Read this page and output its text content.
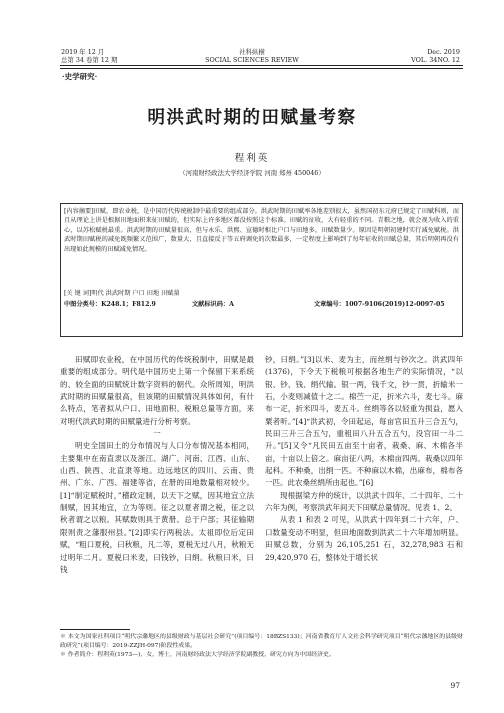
2019 年 12 月
总第 34 卷第 12 期
社科纵横
SOCIAL SCIENCES REVIEW
Dec. 2019
VOL. 34NO. 12
·史学研究·
明洪武时期的田赋量考察
程利英
（河南财经政法大学经济学院 河南 郑州 450046）
[内容摘要]田赋，即农业税，是中国历代传统税制中最重要的组成部分。洪武时期的田赋率各地差别很大，虽然国初东元府已规定了田赋科则，而且从理论上讲是根据田地面积来征田赋的，但实际上许多地区都没按照这个标准。田赋的征收，大有轻重的不同。青粮之地，就会视为收入的重心，以苏松赋税最重。洪武时期的田赋量很高，但与永乐、洪熙、宣德时相比户口与田地多，田赋数量少。原因是明朝初建时实行减免赋税。洪武时期田赋税的减免既频繁又范围广，数量大，且直接反于等五府调免的次数最多，一定程度上影响到了每年征收的田赋总量，其后明朝再没有出现如此规模的田赋减免情况。
[关 键 词]明代 洪武时期 户口 田地 田赋量
中图分类号：K248.1；F812.9	文献标识码：A	文章编号：1007-9106(2019)12-0097-05

田赋即农业税，在中国历代的传统税制中，田赋是最重要的组成部分。明代是中国历史上第一个保留下来系统的、较全面的田赋统计数字资料的朝代。众所周知，明洪武时期的田赋量很高，但该期的田赋情况具体如何，有什么特点，笔者拟从户口、田地面积、税粮总量等方面，来对明代洪武时期的田赋量进行分析考察。

一

明史全国田土的分布情况与人口分布情况基本相同，主要集中在南直隶以及浙江、湖广、河南、江西、山东、山西、陕西、北直隶等地。边远地区的四川、云南、贵州、广东、广西、福建等省，在册的田地数量相对较少。[1]“制定赋税时，”稽政定制，以天下之赋，因其地宜立法制赋，因其地宜，立为等则。征之以夏者谓之税，征之以秋者谓之以粮。其赋数则具于黄册。总于户部；其征输期限则责之藩服州县。”[2]即实行两税法。太祖即位后定田赋，“粗口夏税，曰秋粮，凡二等，夏税无过八月，秋粮无过明年二月。夏税曰米麦，曰钱钞，曰绢。秋粮曰米，曰钱

钞，曰绢。”[3]以米、麦为主，而丝绢与钞次之。洪武四年(1376)，下令天下税粮可根据各地生产的实际情况，“以银、钞、钱、绢代输。银一两，钱千文，钞一贯，折输米一石，小麦则减值十之二。棉苎一疋，折米六斗，麦七斗。麻布一疋，折米四斗，麦五斗。丝绢等各以轻重为损益，愿入粟者听。”[4]“洪武初，令田起运，每亩官田五升三合五勺，民田三升三合五勺，重租田八升五合五勺，没官田一斗二升。”[5]又令“凡民田五亩至十亩者，栽桑、麻、木棉各半亩，十亩以上倍之。麻亩征八两，木棉亩四两。栽桑以四年起科。不种桑，出绢一匹。不种麻以木棉，出麻布，棉布各一匹。此农桑丝绢所由起也。”[6]

现根据梁方仲的统计，以洪武十四年、二十四年、二十六年为例，考察洪武年间天下田赋总量情况。见表 1、2。

从表 1 和表 2 可见，从洪武十四年到二十六年，户、口数量变动不明显，但田地面数到洪武二十六年增加明显。田赋总数，分别为 26,105,251 石，32,278,983 石和 29,420,970 石，整体处于增长状

＊ 本文为国家社科项目“明代宗藩地区的县级财政与基层社会研究”(项目编号：18BZS133)；河南省教育厅人文社会科学研究项目“明代宗藩地区的县级财政研究”(项目编号：2019-ZZJH-097)阶段性成果。
＊ 作者简介：程利英(1973—)，女，博士，河南财经政法大学经济学院副教授，研究方向为中国经济史。
97
